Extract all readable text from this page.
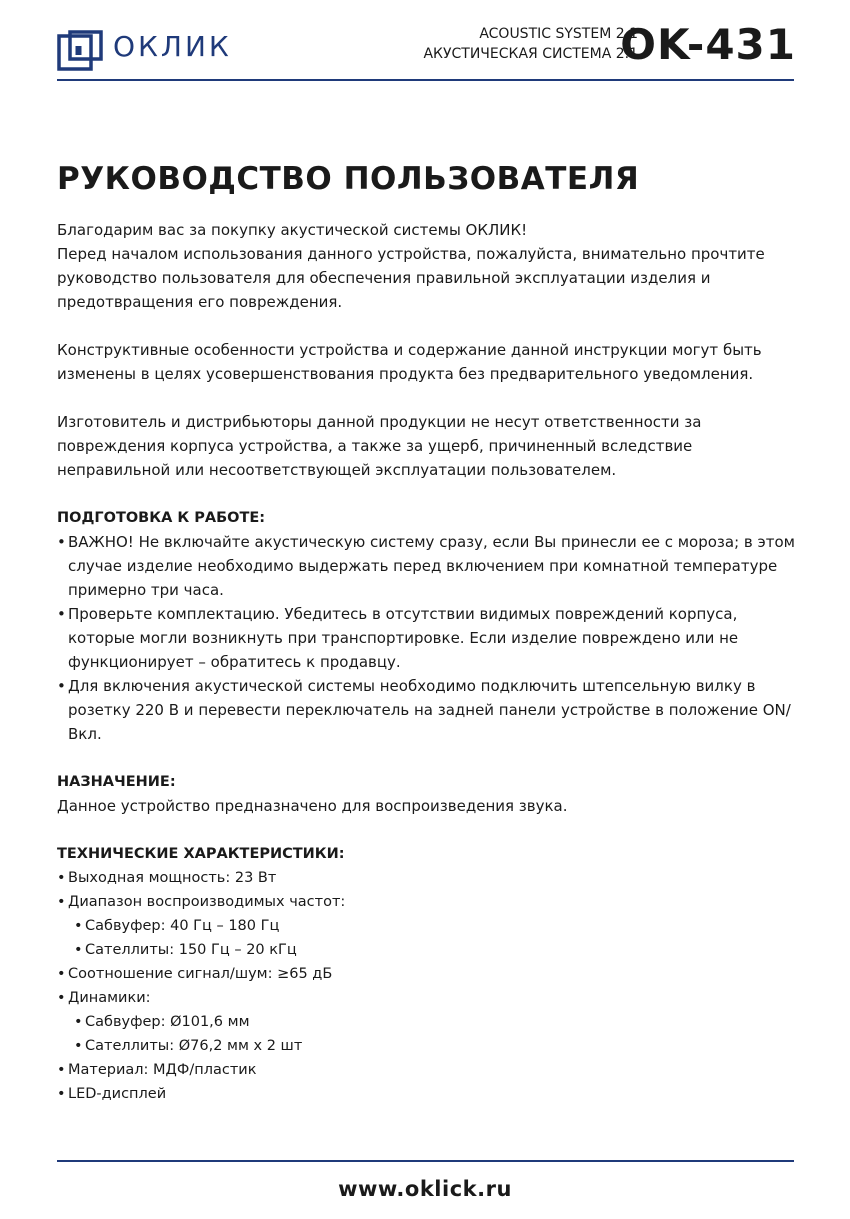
ОКЛИК	ACOUSTIC SYSTEM 2.1
АКУСТИЧЕСКАЯ СИСТЕМА 2.1
OK-431
РУКОВОДСТВО ПОЛЬЗОВАТЕЛЯ

Благодарим вас за покупку акустической системы ОКЛИК!
Перед началом использования данного устройства, пожалуйста, внимательно прочтите руководство пользователя для обеспечения правильной эксплуатации изделия и предотвращения его повреждения.

Конструктивные особенности устройства и содержание данной инструкции могут быть изменены в целях усовершенствования продукта без предварительного уведомления.

Изготовитель и дистрибьюторы данной продукции не несут ответственности за повреждения корпуса устройства, а также за ущерб, причиненный вследствие неправильной или несоответствующей эксплуатации пользователем.

ПОДГОТОВКА К РАБОТЕ:
• ВАЖНО! Не включайте акустическую систему сразу, если Вы принесли ее с мороза; в этом случае изделие необходимо выдержать перед включением при комнатной температуре примерно три часа.
• Проверьте комплектацию. Убедитесь в отсутствии видимых повреждений корпуса, которые могли возникнуть при транспортировке. Если изделие повреждено или не функционирует – обратитесь к продавцу.
• Для включения акустической системы необходимо подключить штепсельную вилку в розетку 220 В и перевести переключатель на задней панели устройстве в положение ON/Вкл.
НАЗНАЧЕНИЕ:

Данное устройство предназначено для воспроизведения звука.

ТЕХНИЧЕСКИЕ ХАРАКТЕРИСТИКИ:
• Выходная мощность: 23 Вт
• Диапазон воспроизводимых частот:
• Сабвуфер: 40 Гц – 180 Гц
• Сателлиты: 150 Гц – 20 кГц
• Соотношение сигнал/шум: ≥65 дБ
• Динамики:
• Сабвуфер: Ø101,6 мм
• Сателлиты: Ø76,2 мм х 2 шт
• Материал: МДФ/пластик
• LED-дисплей
www.oklick.ru
